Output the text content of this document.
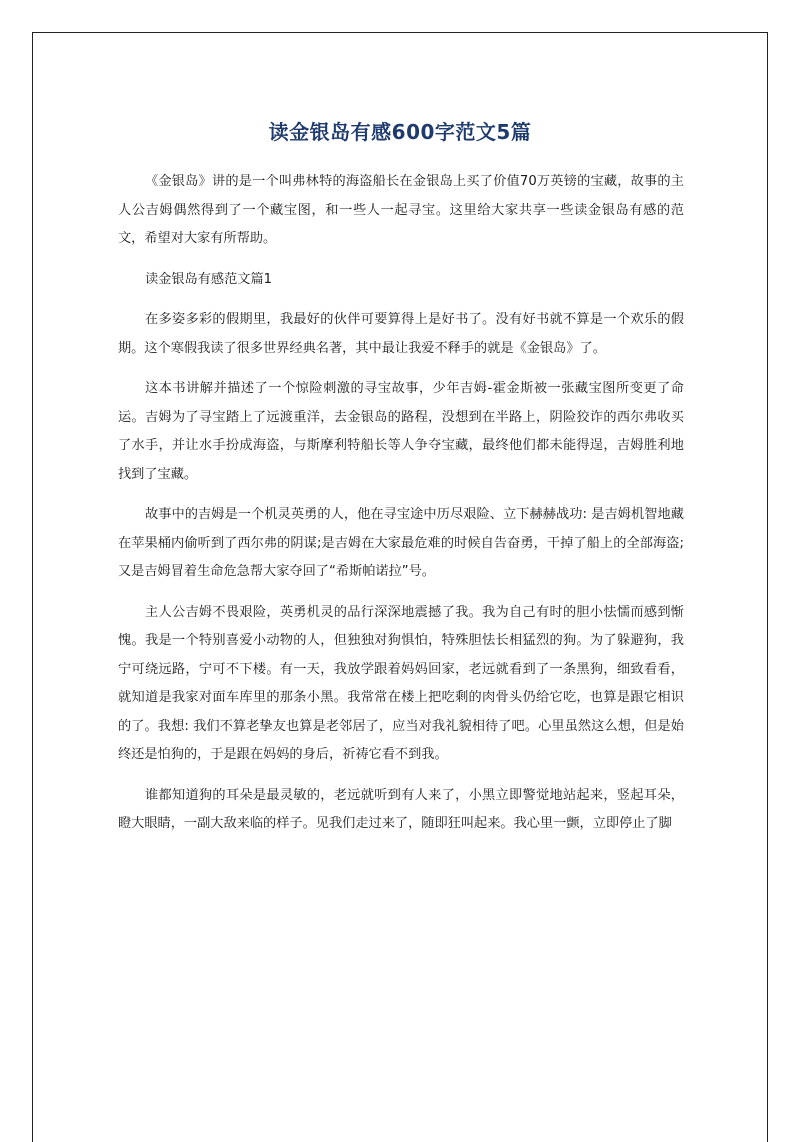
读金银岛有感600字范文5篇

《金银岛》讲的是一个叫弗林特的海盗船长在金银岛上买了价值70万英镑的宝藏，故事的主人公吉姆偶然得到了一个藏宝图，和一些人一起寻宝。这里给大家共享一些读金银岛有感的范文，希望对大家有所帮助。

读金银岛有感范文篇1

在多姿多彩的假期里，我最好的伙伴可要算得上是好书了。没有好书就不算是一个欢乐的假期。这个寒假我读了很多世界经典名著，其中最让我爱不释手的就是《金银岛》了。

这本书讲解并描述了一个惊险刺激的寻宝故事，少年吉姆-霍金斯被一张藏宝图所变更了命运。吉姆为了寻宝踏上了远渡重洋，去金银岛的路程，没想到在半路上，阴险狡诈的西尔弗收买了水手，并让水手扮成海盗，与斯摩利特船长等人争夺宝藏，最终他们都未能得逞，吉姆胜利地找到了宝藏。

故事中的吉姆是一个机灵英勇的人，他在寻宝途中历尽艰险、立下赫赫战功: 是吉姆机智地藏在苹果桶内偷听到了西尔弗的阴谋;是吉姆在大家最危难的时候自告奋勇，干掉了船上的全部海盗;又是吉姆冒着生命危急帮大家夺回了“希斯帕诺拉”号。

主人公吉姆不畏艰险，英勇机灵的品行深深地震撼了我。我为自己有时的胆小怯懦而感到惭愧。我是一个特别喜爱小动物的人，但独独对狗惧怕，特殊胆怯长相猛烈的狗。为了躲避狗，我宁可绕远路，宁可不下楼。有一天，我放学跟着妈妈回家，老远就看到了一条黑狗，细致看看，就知道是我家对面车库里的那条小黑。我常常在楼上把吃剩的肉骨头仍给它吃，也算是跟它相识的了。我想: 我们不算老挚友也算是老邻居了，应当对我礼貌相待了吧。心里虽然这么想，但是始终还是怕狗的，于是跟在妈妈的身后，祈祷它看不到我。

谁都知道狗的耳朵是最灵敏的，老远就听到有人来了，小黑立即警觉地站起来，竖起耳朵，瞪大眼睛，一副大敌来临的样子。见我们走过来了，随即狂叫起来。我心里一颤，立即停止了脚
